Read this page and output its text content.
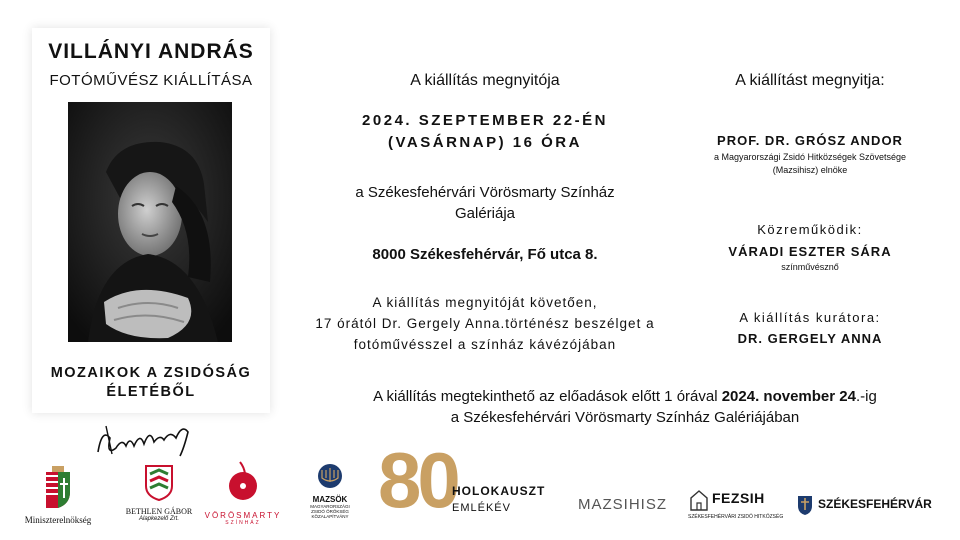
VILLÁNYI ANDRÁS
FOTÓMŰVÉSZ KIÁLLÍTÁSA
MOZAIKOK A ZSIDÓSÁG
ÉLETÉBŐL
A kiállítás megnyitója
2024. SZEPTEMBER 22-ÉN
(VASÁRNAP) 16 ÓRA
a Székesfehérvári Vörösmarty Színház
Galériája
8000 Székesfehérvár, Fő utca 8.
A kiállítás megnyitóját követően,
17 órától Dr. Gergely Anna.történész beszélget a
fotóművésszel a színház kávézójában
A kiállítást megnyitja:
PROF. DR. GRÓSZ ANDOR
a Magyarországi Zsidó Hitközségek Szövetsége
(Mazsihisz) elnöke
Közreműködik:
VÁRADI ESZTER SÁRA
színművésznő
A kiállítás kurátora:
DR. GERGELY ANNA
A kiállítás megtekinthető az előadások előtt 1 órával 2024. november 24.-ig
a Székesfehérvári Vörösmarty Színház Galériájában
Miniszterelnökség
BETHLEN GÁBOR
Alapkezelő Zrt.	VÖRÖSMARTY
SZÍNHÁZ
MAZSÖK
MAGYARORSZÁGI
ZSIDÓ ÖRÖKSÉG
KÖZALAPÍTVÁNY 80
HOLOKAUSZT
EMLÉKÉV	MAZSIHISZ	FEZSIH
SZÉKESFEHÉRVÁRI ZSIDÓ HITKÖZSÉG
SZÉKESFEHÉRVÁR
